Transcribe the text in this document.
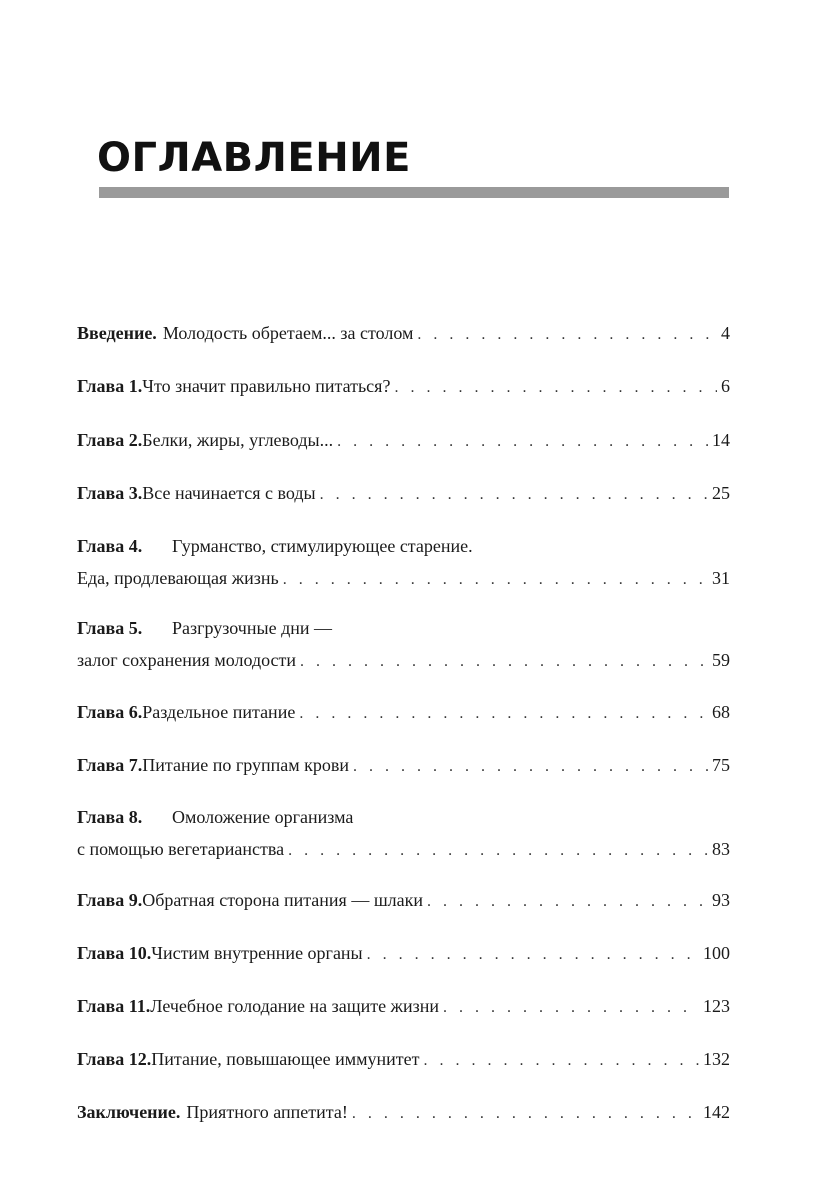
ОГЛАВЛЕНИЕ
Введение. Молодость обретаем... за столом . . .	4
Глава 1. Что значит правильно питаться? . . .	6
Глава 2. Белки, жиры, углеводы... . . .	14
Глава 3. Все начинается с воды . . .	25
Глава 4.	Гурманство, стимулирующее старение.
Еда, продлевающая жизнь . . .	31
Глава 5.	Разгрузочные дни —
залог сохранения молодости . . .	59
Глава 6. Раздельное питание . . .	68
Глава 7. Питание по группам крови . . .	75
Глава 8.	Омоложение организма
с помощью вегетарианства . . .	83
Глава 9. Обратная сторона питания — шлаки . . .	93
Глава 10. Чистим внутренние органы . . .	100
Глава 11. Лечебное голодание на защите жизни . . .	123
Глава 12. Питание, повышающее иммунитет . . .	132
Заключение. Приятного аппетита! . . .	142
